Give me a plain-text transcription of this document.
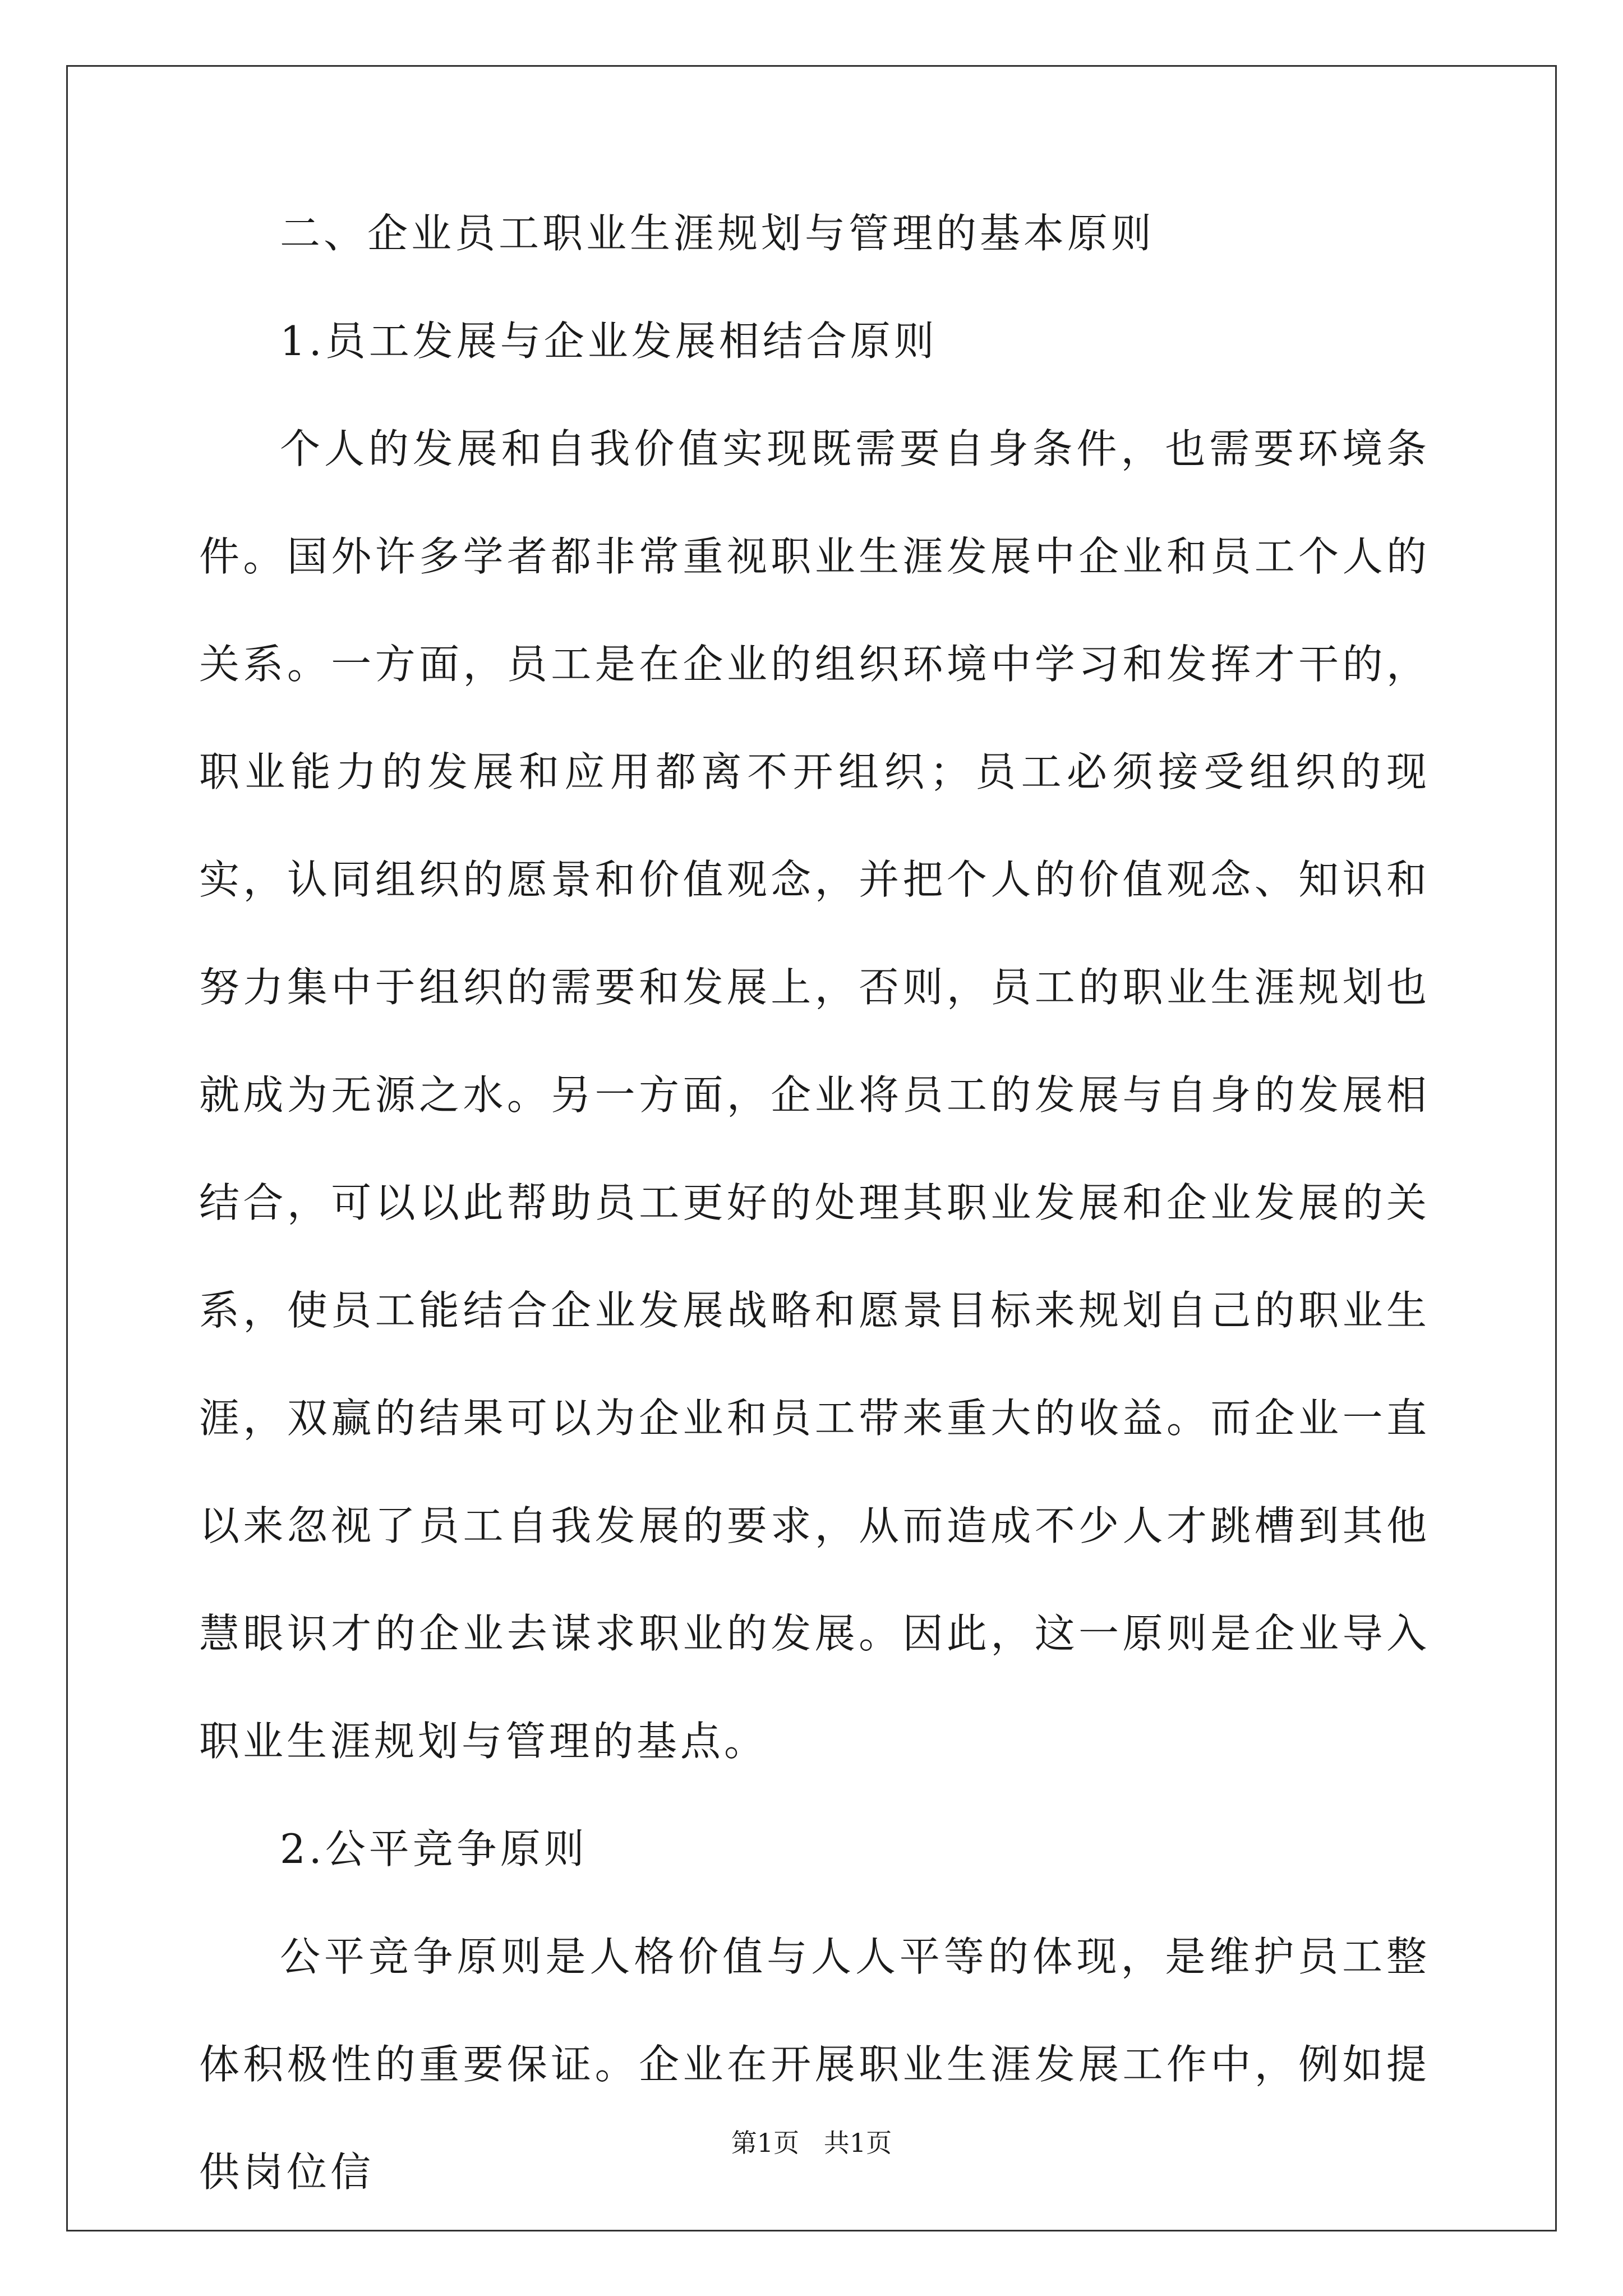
二、企业员工职业生涯规划与管理的基本原则

1.员工发展与企业发展相结合原则

个人的发展和自我价值实现既需要自身条件，也需要环境条件。国外许多学者都非常重视职业生涯发展中企业和员工个人的关系。一方面，员工是在企业的组织环境中学习和发挥才干的，职业能力的发展和应用都离不开组织；员工必须接受组织的现实，认同组织的愿景和价值观念，并把个人的价值观念、知识和努力集中于组织的需要和发展上，否则，员工的职业生涯规划也就成为无源之水。另一方面，企业将员工的发展与自身的发展相结合，可以以此帮助员工更好的处理其职业发展和企业发展的关系，使员工能结合企业发展战略和愿景目标来规划自己的职业生涯，双赢的结果可以为企业和员工带来重大的收益。而企业一直以来忽视了员工自我发展的要求，从而造成不少人才跳槽到其他慧眼识才的企业去谋求职业的发展。因此，这一原则是企业导入职业生涯规划与管理的基点。

2.公平竞争原则

公平竞争原则是人格价值与人人平等的体现，是维护员工整体积极性的重要保证。企业在开展职业生涯发展工作中，例如提供岗位信

第1页   共1页
